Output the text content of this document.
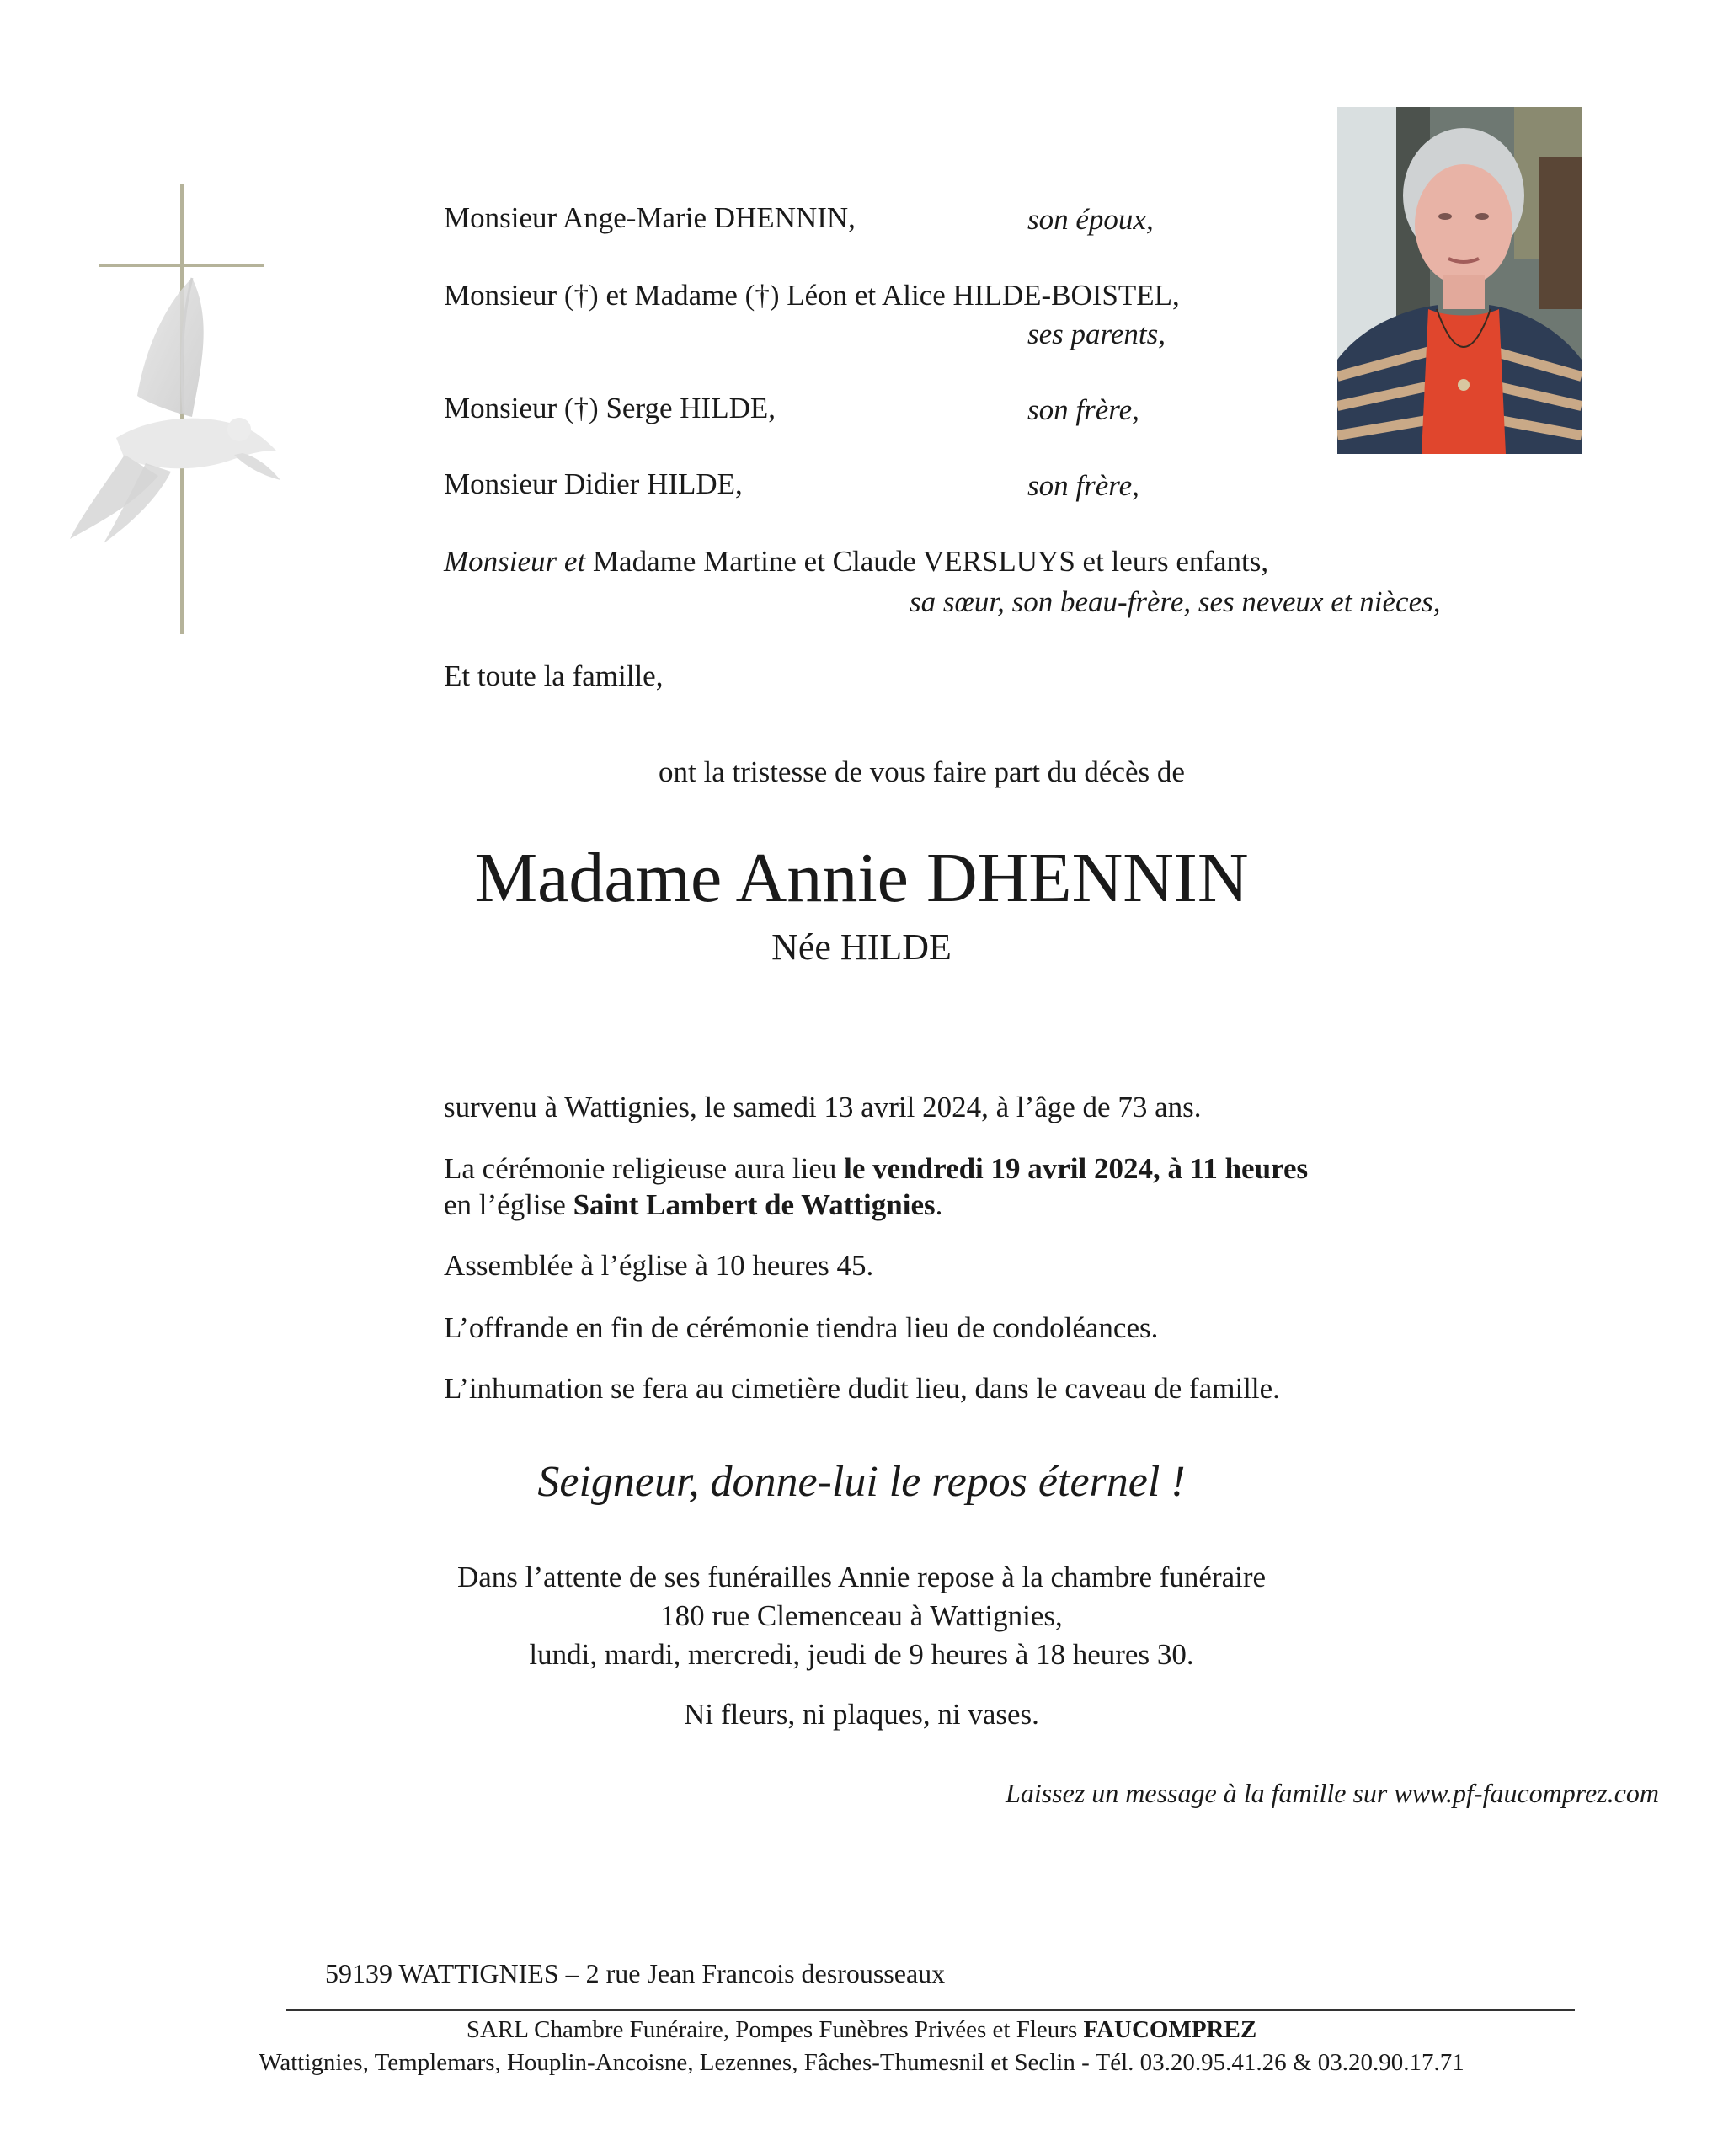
Monsieur Ange-Marie DHENNIN,	son époux,
Monsieur (†) et Madame (†) Léon et Alice HILDE-BOISTEL,
ses parents,
Monsieur (†) Serge HILDE,	son frère,
Monsieur Didier HILDE,	son frère,
Monsieur et Madame Martine et Claude VERSLUYS et leurs enfants,
sa sœur, son beau-frère, ses neveux et nièces,
Et toute la famille,
ont la tristesse de vous faire part du décès de
Madame Annie DHENNIN
Née HILDE
survenu à Wattignies, le samedi 13 avril 2024, à l’âge de 73 ans.
La cérémonie religieuse aura lieu le vendredi 19 avril 2024, à 11 heures
en l’église Saint Lambert de Wattignies.
Assemblée à l’église à 10 heures 45.
L’offrande en fin de cérémonie tiendra lieu de condoléances.
L’inhumation se fera au cimetière dudit lieu, dans le caveau de famille.
Seigneur, donne-lui le repos éternel !
Dans l’attente de ses funérailles Annie repose à la chambre funéraire
180 rue Clemenceau à Wattignies,
lundi, mardi, mercredi, jeudi de 9 heures à 18 heures 30.
Ni fleurs, ni plaques, ni vases.
Laissez un message à la famille sur www.pf-faucomprez.com
59139 WATTIGNIES – 2 rue Jean Francois desrousseaux
SARL Chambre Funéraire, Pompes Funèbres Privées et Fleurs FAUCOMPREZ
Wattignies, Templemars, Houplin-Ancoisne, Lezennes, Fâches-Thumesnil et Seclin - Tél. 03.20.95.41.26 & 03.20.90.17.71
